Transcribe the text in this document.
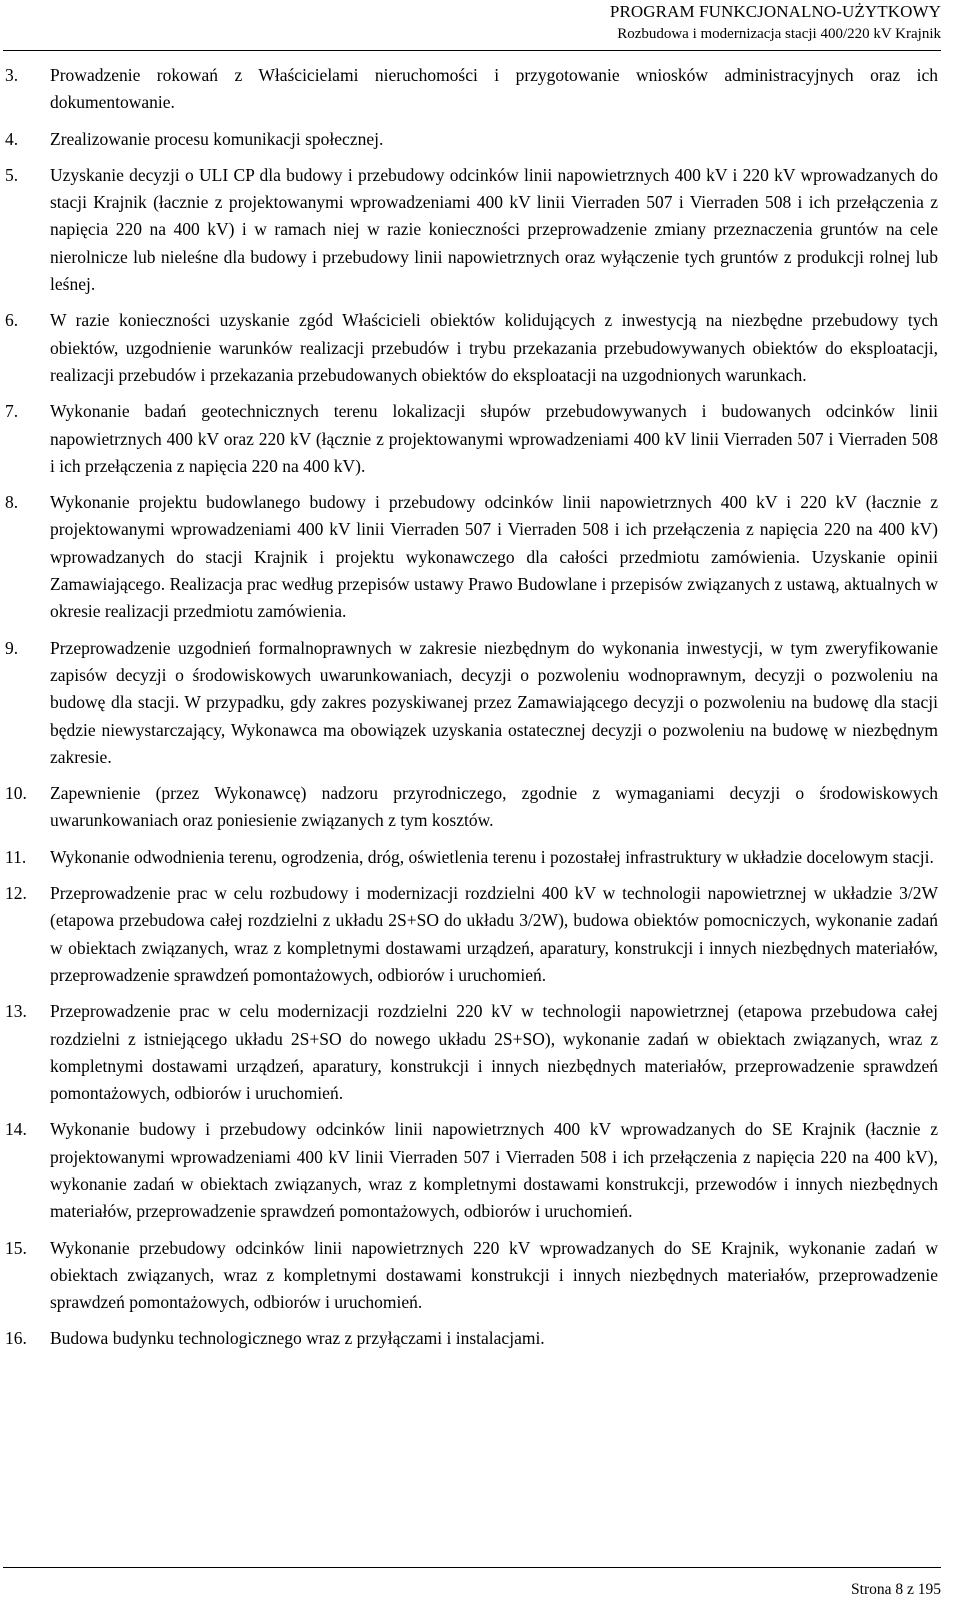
PROGRAM FUNKCJONALNO-UŻYTKOWY
Rozbudowa i modernizacja stacji 400/220 kV Krajnik
3. Prowadzenie rokowań z Właścicielami nieruchomości i przygotowanie wniosków administracyjnych oraz ich dokumentowanie.
4. Zrealizowanie procesu komunikacji społecznej.
5. Uzyskanie decyzji o ULI CP dla budowy i przebudowy odcinków linii napowietrznych 400 kV i 220 kV wprowadzanych do stacji Krajnik (łacznie z projektowanymi wprowadzeniami 400 kV linii Vierraden 507 i Vierraden 508 i ich przełączenia z napięcia 220 na 400 kV) i w ramach niej w razie konieczności przeprowadzenie zmiany przeznaczenia gruntów na cele nierolnicze lub nieleśne dla budowy i przebudowy linii napowietrznych oraz wyłączenie tych gruntów z produkcji rolnej lub leśnej.
6. W razie konieczności uzyskanie zgód Właścicieli obiektów kolidujących z inwestycją na niezbędne przebudowy tych obiektów, uzgodnienie warunków realizacji przebudów i trybu przekazania przebudowywanych obiektów do eksploatacji, realizacji przebudów i przekazania przebudowanych obiektów do eksploatacji na uzgodnionych warunkach.
7. Wykonanie badań geotechnicznych terenu lokalizacji słupów przebudowywanych i budowanych odcinków linii napowietrznych 400 kV oraz 220 kV (łącznie z projektowanymi wprowadzeniami 400 kV linii Vierraden 507 i Vierraden 508 i ich przełączenia z napięcia 220 na 400 kV).
8. Wykonanie projektu budowlanego budowy i przebudowy odcinków linii napowietrznych 400 kV i 220 kV (łacznie z projektowanymi wprowadzeniami 400 kV linii Vierraden 507 i Vierraden 508 i ich przełączenia z napięcia 220 na 400 kV) wprowadzanych do stacji Krajnik i projektu wykonawczego dla całości przedmiotu zamówienia. Uzyskanie opinii Zamawiającego. Realizacja prac według przepisów ustawy Prawo Budowlane i przepisów związanych z ustawą, aktualnych w okresie realizacji przedmiotu zamówienia.
9. Przeprowadzenie uzgodnień formalnoprawnych w zakresie niezbędnym do wykonania inwestycji, w tym zweryfikowanie zapisów decyzji o środowiskowych uwarunkowaniach, decyzji o pozwoleniu wodnoprawnym, decyzji o pozwoleniu na budowę dla stacji. W przypadku, gdy zakres pozyskiwanej przez Zamawiającego decyzji o pozwoleniu na budowę dla stacji będzie niewystarczający, Wykonawca ma obowiązek uzyskania ostatecznej decyzji o pozwoleniu na budowę w niezbędnym zakresie.
10. Zapewnienie (przez Wykonawcę) nadzoru przyrodniczego, zgodnie z wymaganiami decyzji o środowiskowych uwarunkowaniach oraz poniesienie związanych z tym kosztów.
11. Wykonanie odwodnienia terenu, ogrodzenia, dróg, oświetlenia terenu i pozostałej infrastruktury w układzie docelowym stacji.
12. Przeprowadzenie prac w celu rozbudowy i modernizacji rozdzielni 400 kV w technologii napowietrznej w układzie 3/2W (etapowa przebudowa całej rozdzielni z układu 2S+SO do układu 3/2W), budowa obiektów pomocniczych, wykonanie zadań w obiektach związanych, wraz z kompletnymi dostawami urządzeń, aparatury, konstrukcji i innych niezbędnych materiałów, przeprowadzenie sprawdzeń pomontażowych, odbiorów i uruchomień.
13. Przeprowadzenie prac w celu modernizacji rozdzielni 220 kV w technologii napowietrznej (etapowa przebudowa całej rozdzielni z istniejącego układu 2S+SO do nowego układu 2S+SO), wykonanie zadań w obiektach związanych, wraz z kompletnymi dostawami urządzeń, aparatury, konstrukcji i innych niezbędnych materiałów, przeprowadzenie sprawdzeń pomontażowych, odbiorów i uruchomień.
14. Wykonanie budowy i przebudowy odcinków linii napowietrznych 400 kV wprowadzanych do SE Krajnik (łacznie z projektowanymi wprowadzeniami 400 kV linii Vierraden 507 i Vierraden 508 i ich przełączenia z napięcia 220 na 400 kV), wykonanie zadań w obiektach związanych, wraz z kompletnymi dostawami konstrukcji, przewodów i innych niezbędnych materiałów, przeprowadzenie sprawdzeń pomontażowych, odbiorów i uruchomień.
15. Wykonanie przebudowy odcinków linii napowietrznych 220 kV wprowadzanych do SE Krajnik, wykonanie zadań w obiektach związanych, wraz z kompletnymi dostawami konstrukcji i innych niezbędnych materiałów, przeprowadzenie sprawdzeń pomontażowych, odbiorów i uruchomień.
16. Budowa budynku technologicznego wraz z przyłączami i instalacjami.
Strona 8 z 195
